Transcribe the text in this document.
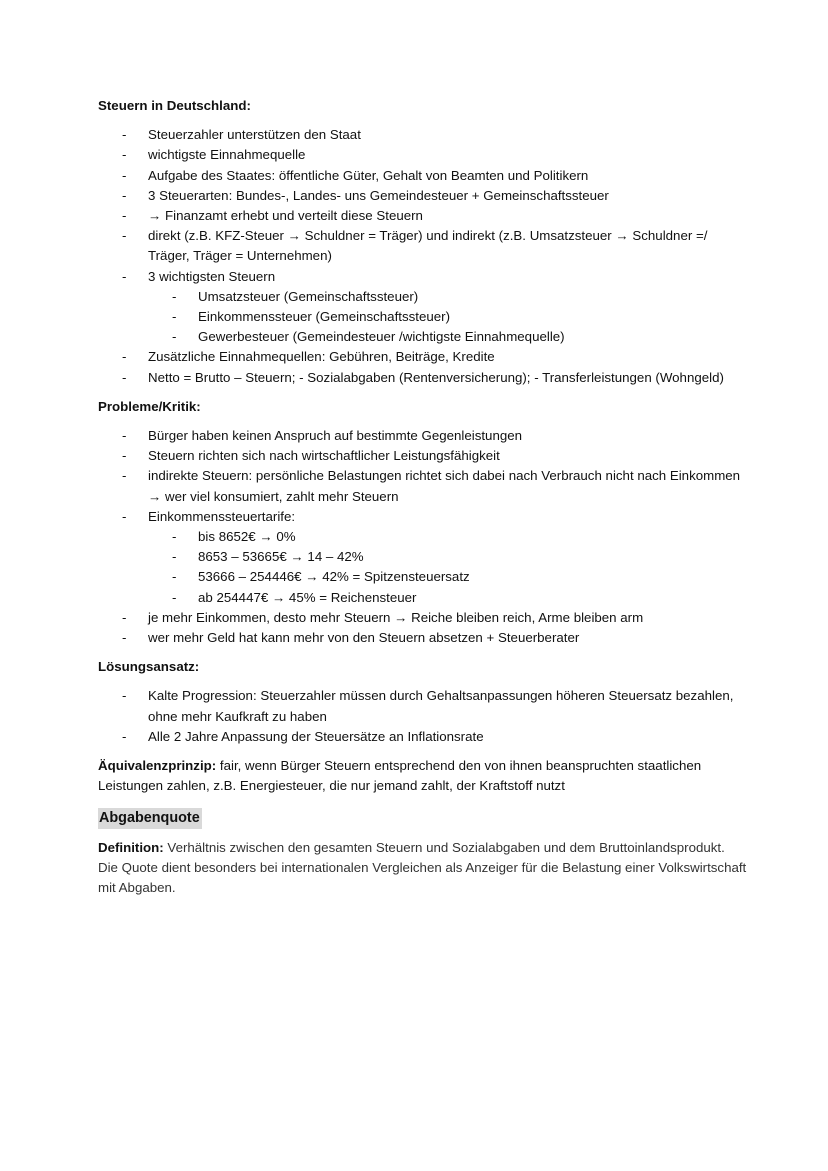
Steuern in Deutschland:
- Steuerzahler unterstützen den Staat
- wichtigste Einnahmequelle
- Aufgabe des Staates: öffentliche Güter, Gehalt von Beamten und Politikern
- 3 Steuerarten: Bundes-, Landes- uns Gemeindesteuer + Gemeinschaftssteuer
- → Finanzamt erhebt und verteilt diese Steuern
- direkt (z.B. KFZ-Steuer → Schuldner = Träger) und indirekt (z.B. Umsatzsteuer → Schuldner =/ Träger, Träger = Unternehmen)
- 3 wichtigsten Steuern
- Umsatzsteuer (Gemeinschaftssteuer)
- Einkommenssteuer (Gemeinschaftssteuer)
- Gewerbesteuer (Gemeindesteuer /wichtigste Einnahmequelle)
- Zusätzliche Einnahmequellen: Gebühren, Beiträge, Kredite
- Netto = Brutto – Steuern; - Sozialabgaben (Rentenversicherung); - Transferleistungen (Wohngeld)
Probleme/Kritik:
- Bürger haben keinen Anspruch auf bestimmte Gegenleistungen
- Steuern richten sich nach wirtschaftlicher Leistungsfähigkeit
- indirekte Steuern: persönliche Belastungen richtet sich dabei nach Verbrauch nicht nach Einkommen → wer viel konsumiert, zahlt mehr Steuern
- Einkommenssteuertarife:
- bis 8652€ → 0%
- 8653 – 53665€ → 14 – 42%
- 53666 – 254446€ → 42% = Spitzensteuersatz
- ab 254447€ → 45% = Reichensteuer
- je mehr Einkommen, desto mehr Steuern → Reiche bleiben reich, Arme bleiben arm
- wer mehr Geld hat kann mehr von den Steuern absetzen + Steuerberater
Lösungsansatz:
- Kalte Progression: Steuerzahler müssen durch Gehaltsanpassungen höheren Steuersatz bezahlen, ohne mehr Kaufkraft zu haben
- Alle 2 Jahre Anpassung der Steuersätze an Inflationsrate

Äquivalenzprinzip: fair, wenn Bürger Steuern entsprechend den von ihnen beanspruchten staatlichen Leistungen zahlen, z.B. Energiesteuer, die nur jemand zahlt, der Kraftstoff nutzt

Abgabenquote

Definition: Verhältnis zwischen den gesamten Steuern und Sozialabgaben und dem Bruttoinlandsprodukt. Die Quote dient besonders bei internationalen Vergleichen als Anzeiger für die Belastung einer Volkswirtschaft mit Abgaben.
